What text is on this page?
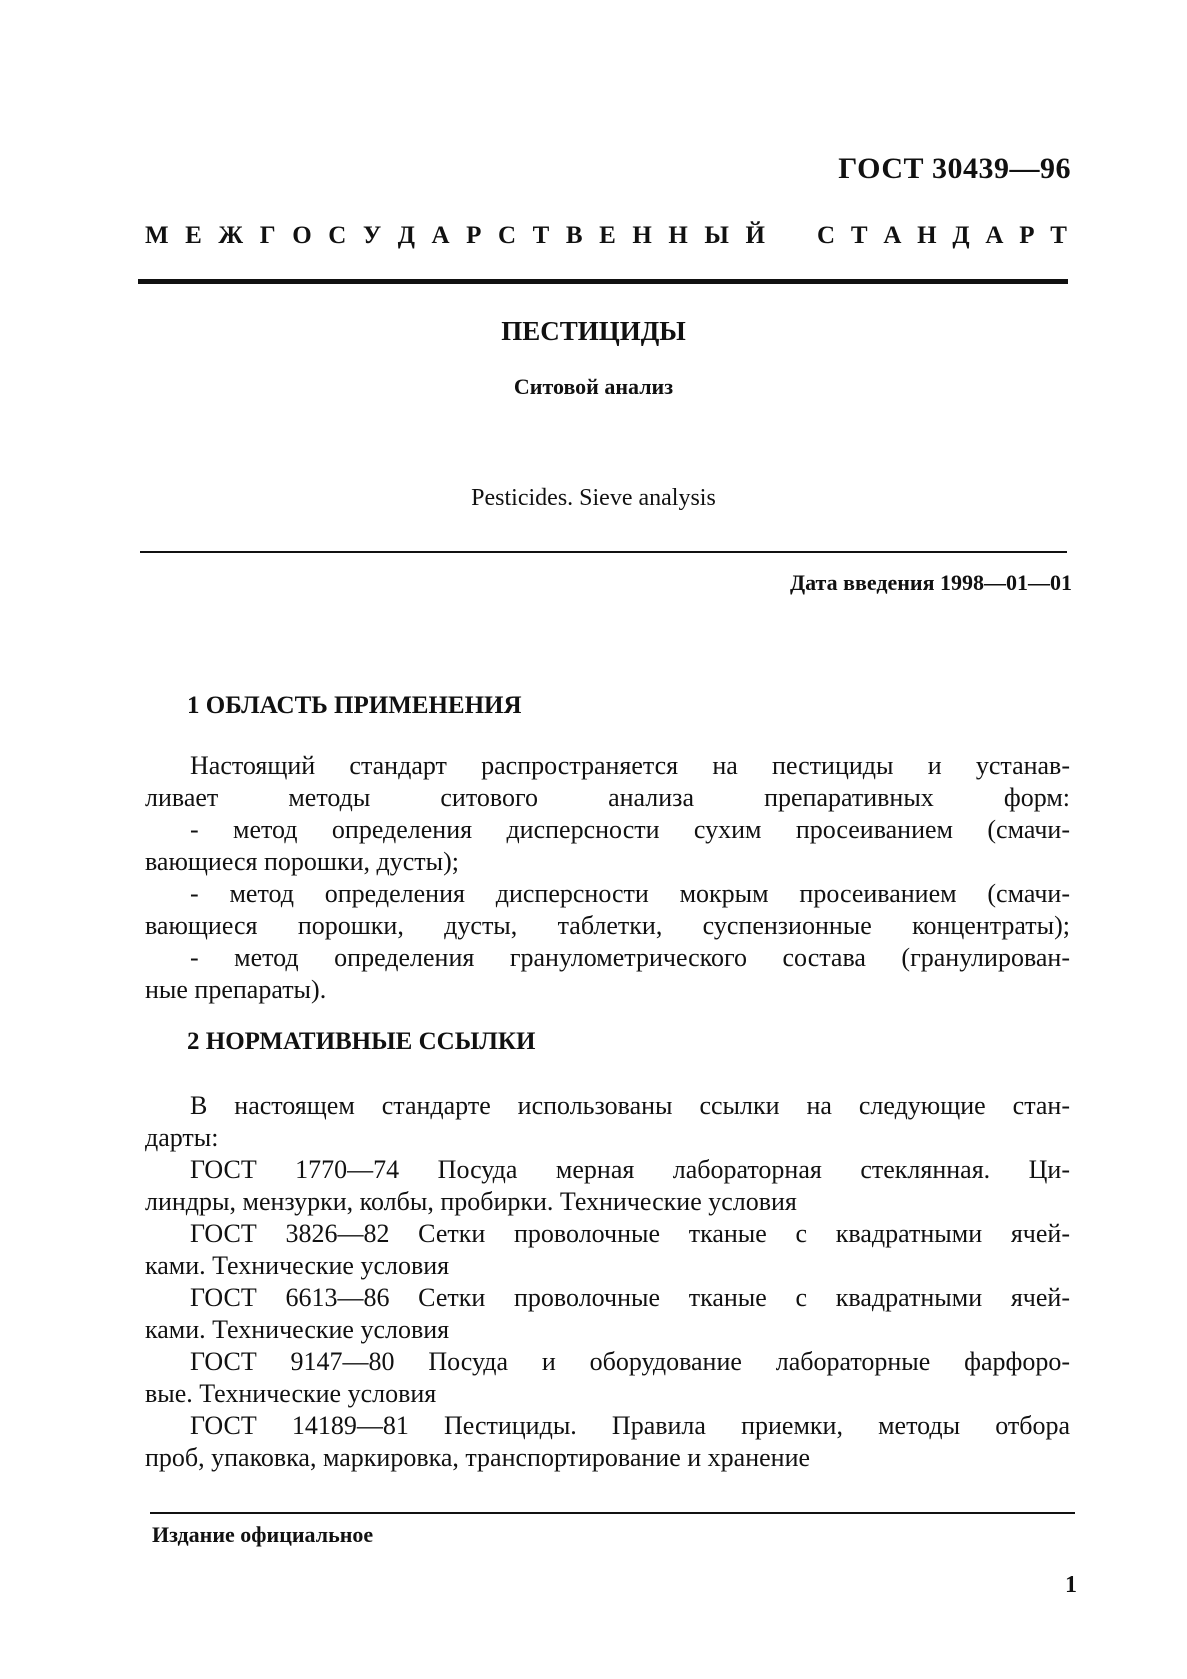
ГОСТ 30439—96
М Е Ж Г О С У Д А Р С Т В Е Н Н Ы Й С Т А Н Д А Р Т
ПЕСТИЦИДЫ
Ситовой анализ
Pesticides. Sieve analysis
Дата введения 1998—01—01
1 ОБЛАСТЬ ПРИМЕНЕНИЯ
Настоящий стандарт распространяется на пестициды и устанав-
ливает методы ситового анализа препаративных форм:
- метод определения дисперсности сухим просеиванием (смачи-
вающиеся порошки, дусты);
- метод определения дисперсности мокрым просеиванием (смачи-
вающиеся порошки, дусты, таблетки, суспензионные концентраты);
- метод определения гранулометрического состава (гранулирован-
ные препараты).
2 НОРМАТИВНЫЕ ССЫЛКИ
В настоящем стандарте использованы ссылки на следующие стан-
дарты:
ГОСТ 1770—74 Посуда мерная лабораторная стеклянная. Ци-
линдры, мензурки, колбы, пробирки. Технические условия
ГОСТ 3826—82 Сетки проволочные тканые с квадратными ячей-
ками. Технические условия
ГОСТ 6613—86 Сетки проволочные тканые с квадратными ячей-
ками. Технические условия
ГОСТ 9147—80 Посуда и оборудование лабораторные фарфоро-
вые. Технические условия
ГОСТ 14189—81 Пестициды. Правила приемки, методы отбора
проб, упаковка, маркировка, транспортирование и хранение
Издание официальное
1
